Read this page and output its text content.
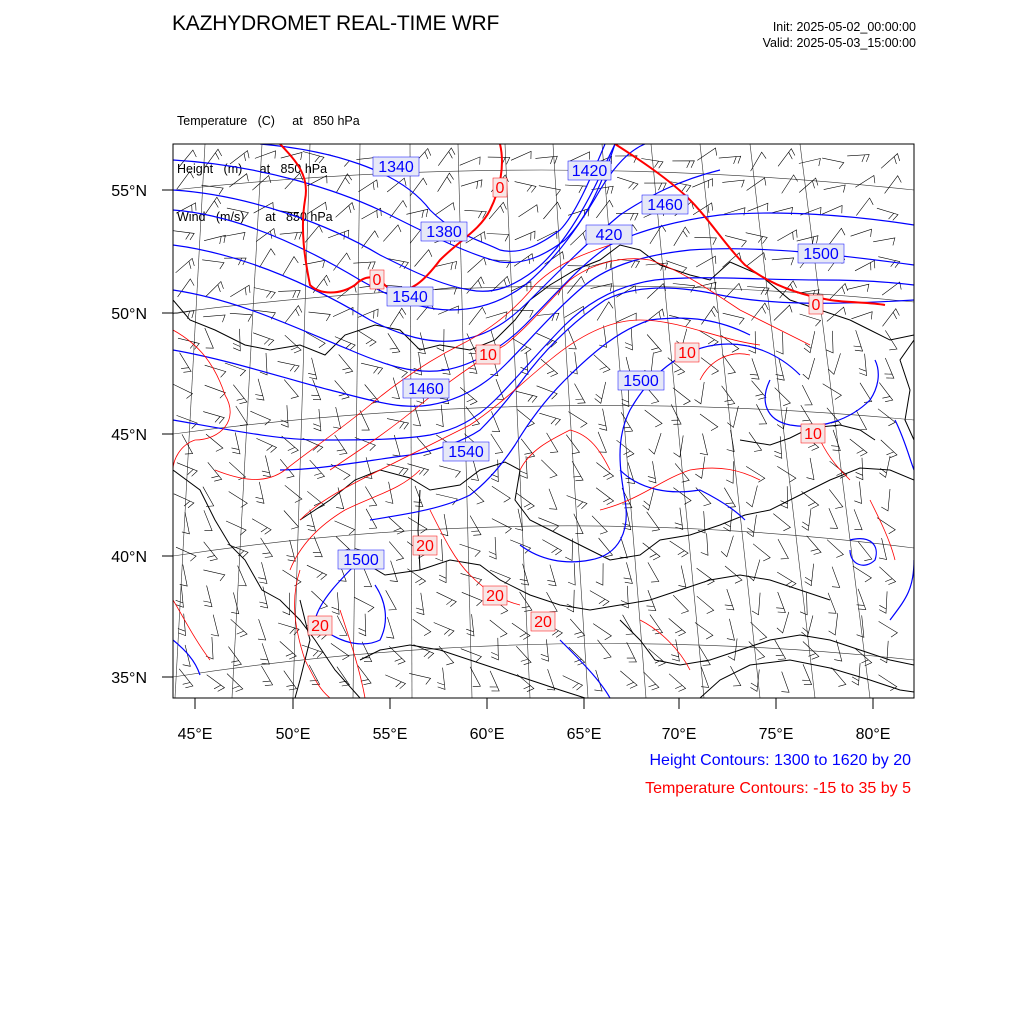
KAZHYDROMET REAL-TIME WRF	Init: 2025-05-02_00:00:00
Valid: 2025-05-03_15:00:00

Temperature   (C)     at   850 hPa

Height   (m)     at   850 hPa

Wind   (m/s)      at   850 hPa

55°N
50°N
45°N
40°N
35°N
45°E	50°E	55°E	60°E	65°E	70°E	75°E	80°E
1340
1380
1420
420
1460
1500
1540
1460	1500
1540
1500
0
0
0
10	10
10
20
20
20
20
Height Contours: 1300 to 1620 by 20
Temperature Contours: -15 to 35 by 5
